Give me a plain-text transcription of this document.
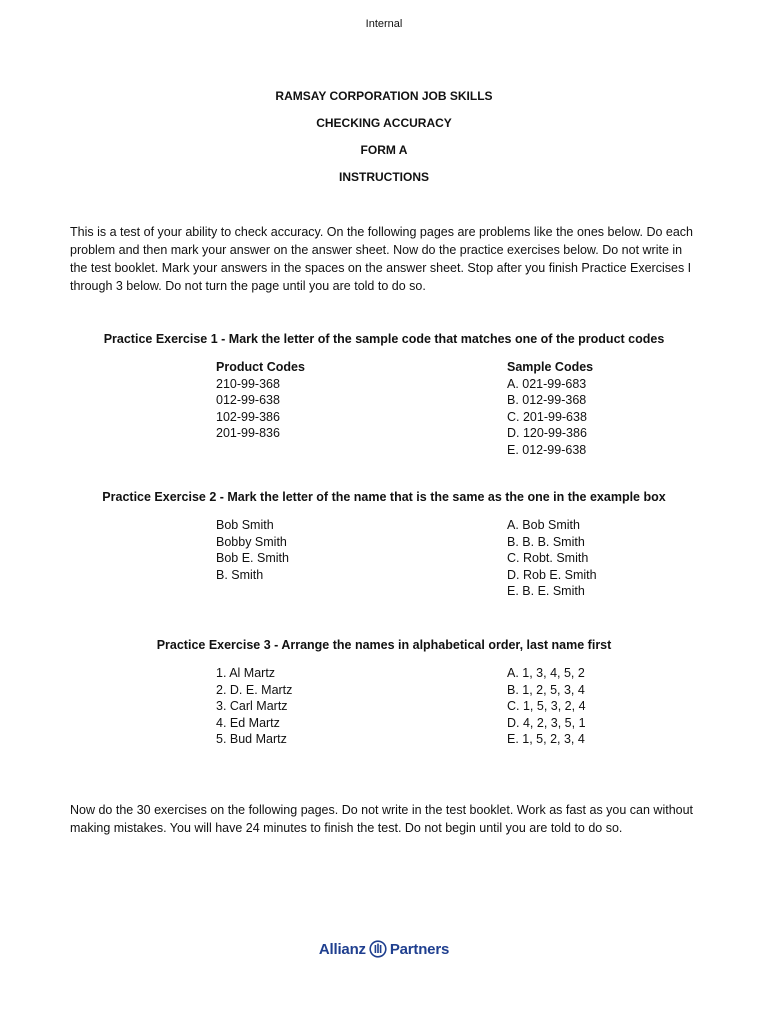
Internal
RAMSAY CORPORATION JOB SKILLS
CHECKING ACCURACY
FORM A
INSTRUCTIONS
This is a test of your ability to check accuracy. On the following pages are problems like the ones below. Do each problem and then mark your answer on the answer sheet. Now do the practice exercises below. Do not write in the test booklet. Mark your answers in the spaces on the answer sheet. Stop after you finish Practice Exercises I through 3 below. Do not turn the page until you are told to do so.
Practice Exercise 1 - Mark the letter of the sample code that matches one of the product codes
Product Codes
210-99-368
012-99-638
102-99-386
201-99-836
Sample Codes
A. 021-99-683
B. 012-99-368
C. 201-99-638
D. 120-99-386
E. 012-99-638
Practice Exercise 2 - Mark the letter of the name that is the same as the one in the example box
Bob Smith
Bobby Smith
Bob E. Smith
B. Smith
A. Bob Smith
B. B. B. Smith
C. Robt. Smith
D. Rob E. Smith
E. B. E. Smith
Practice Exercise 3 - Arrange the names in alphabetical order, last name first
1. Al Martz
2. D. E. Martz
3. Carl Martz
4. Ed Martz
5. Bud Martz
A. 1, 3, 4, 5, 2
B. 1, 2, 5, 3, 4
C. 1, 5, 3, 2, 4
D. 4, 2, 3, 5, 1
E. 1, 5, 2, 3, 4
Now do the 30 exercises on the following pages. Do not write in the test booklet. Work as fast as you can without making mistakes. You will have 24 minutes to finish the test. Do not begin until you are told to do so.
Allianz Partners
